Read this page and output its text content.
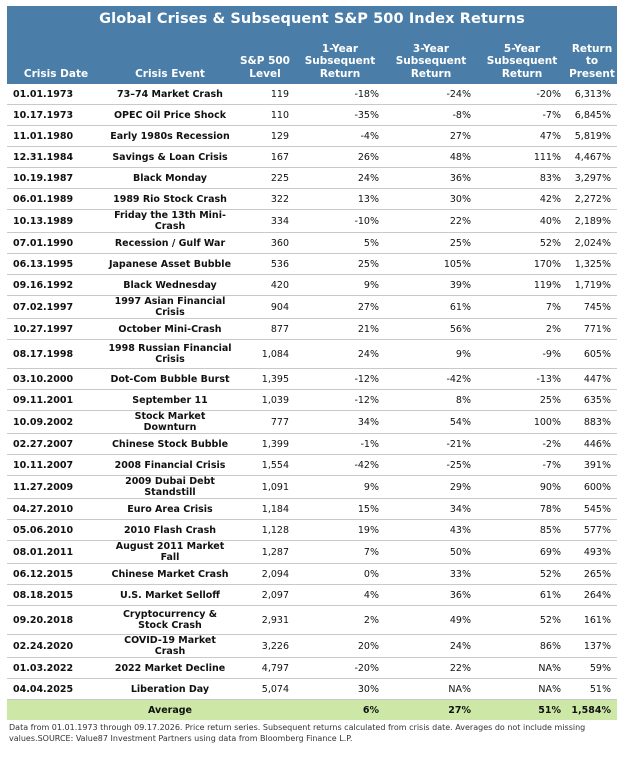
Global Crises & Subsequent S&P 500 Index Returns
Crisis Date	Crisis Event	S&P 500 Level	1-Year Subsequent Return	3-Year Subsequent Return	5-Year Subsequent Return	Return to Present
01.01.1973	73–74 Market Crash	119	-18%	-24%	-20%	6,313%
10.17.1973	OPEC Oil Price Shock	110	-35%	-8%	-7%	6,845%
11.01.1980	Early 1980s Recession	129	-4%	27%	47%	5,819%
12.31.1984	Savings & Loan Crisis	167	26%	48%	111%	4,467%
10.19.1987	Black Monday	225	24%	36%	83%	3,297%
06.01.1989	1989 Rio Stock Crash	322	13%	30%	42%	2,272%
10.13.1989	Friday the 13th Mini-Crash	334	-10%	22%	40%	2,189%
07.01.1990	Recession / Gulf War	360	5%	25%	52%	2,024%
06.13.1995	Japanese Asset Bubble	536	25%	105%	170%	1,325%
09.16.1992	Black Wednesday	420	9%	39%	119%	1,719%
07.02.1997	1997 Asian Financial Crisis	904	27%	61%	7%	745%
10.27.1997	October Mini-Crash	877	21%	56%	2%	771%
08.17.1998	1998 Russian Financial Crisis	1,084	24%	9%	-9%	605%
03.10.2000	Dot-Com Bubble Burst	1,395	-12%	-42%	-13%	447%
09.11.2001	September 11	1,039	-12%	8%	25%	635%
10.09.2002	Stock Market Downturn	777	34%	54%	100%	883%
02.27.2007	Chinese Stock Bubble	1,399	-1%	-21%	-2%	446%
10.11.2007	2008 Financial Crisis	1,554	-42%	-25%	-7%	391%
11.27.2009	2009 Dubai Debt Standstill	1,091	9%	29%	90%	600%
04.27.2010	Euro Area Crisis	1,184	15%	34%	78%	545%
05.06.2010	2010 Flash Crash	1,128	19%	43%	85%	577%
08.01.2011	August 2011 Market Fall	1,287	7%	50%	69%	493%
06.12.2015	Chinese Market Crash	2,094	0%	33%	52%	265%
08.18.2015	U.S. Market Selloff	2,097	4%	36%	61%	264%
09.20.2018	Cryptocurrency & Stock Crash	2,931	2%	49%	52%	161%
02.24.2020	COVID-19 Market Crash	3,226	20%	24%	86%	137%
01.03.2022	2022 Market Decline	4,797	-20%	22%	NA%	59%
04.04.2025	Liberation Day	5,074	30%	NA%	NA%	51%
	Average		6%	27%	51%	1,584%
Data from 01.01.1973 through 09.17.2026. Price return series. Subsequent returns calculated from crisis date. Averages do not include missing values.SOURCE: Value87 Investment Partners using data from Bloomberg Finance L.P.
